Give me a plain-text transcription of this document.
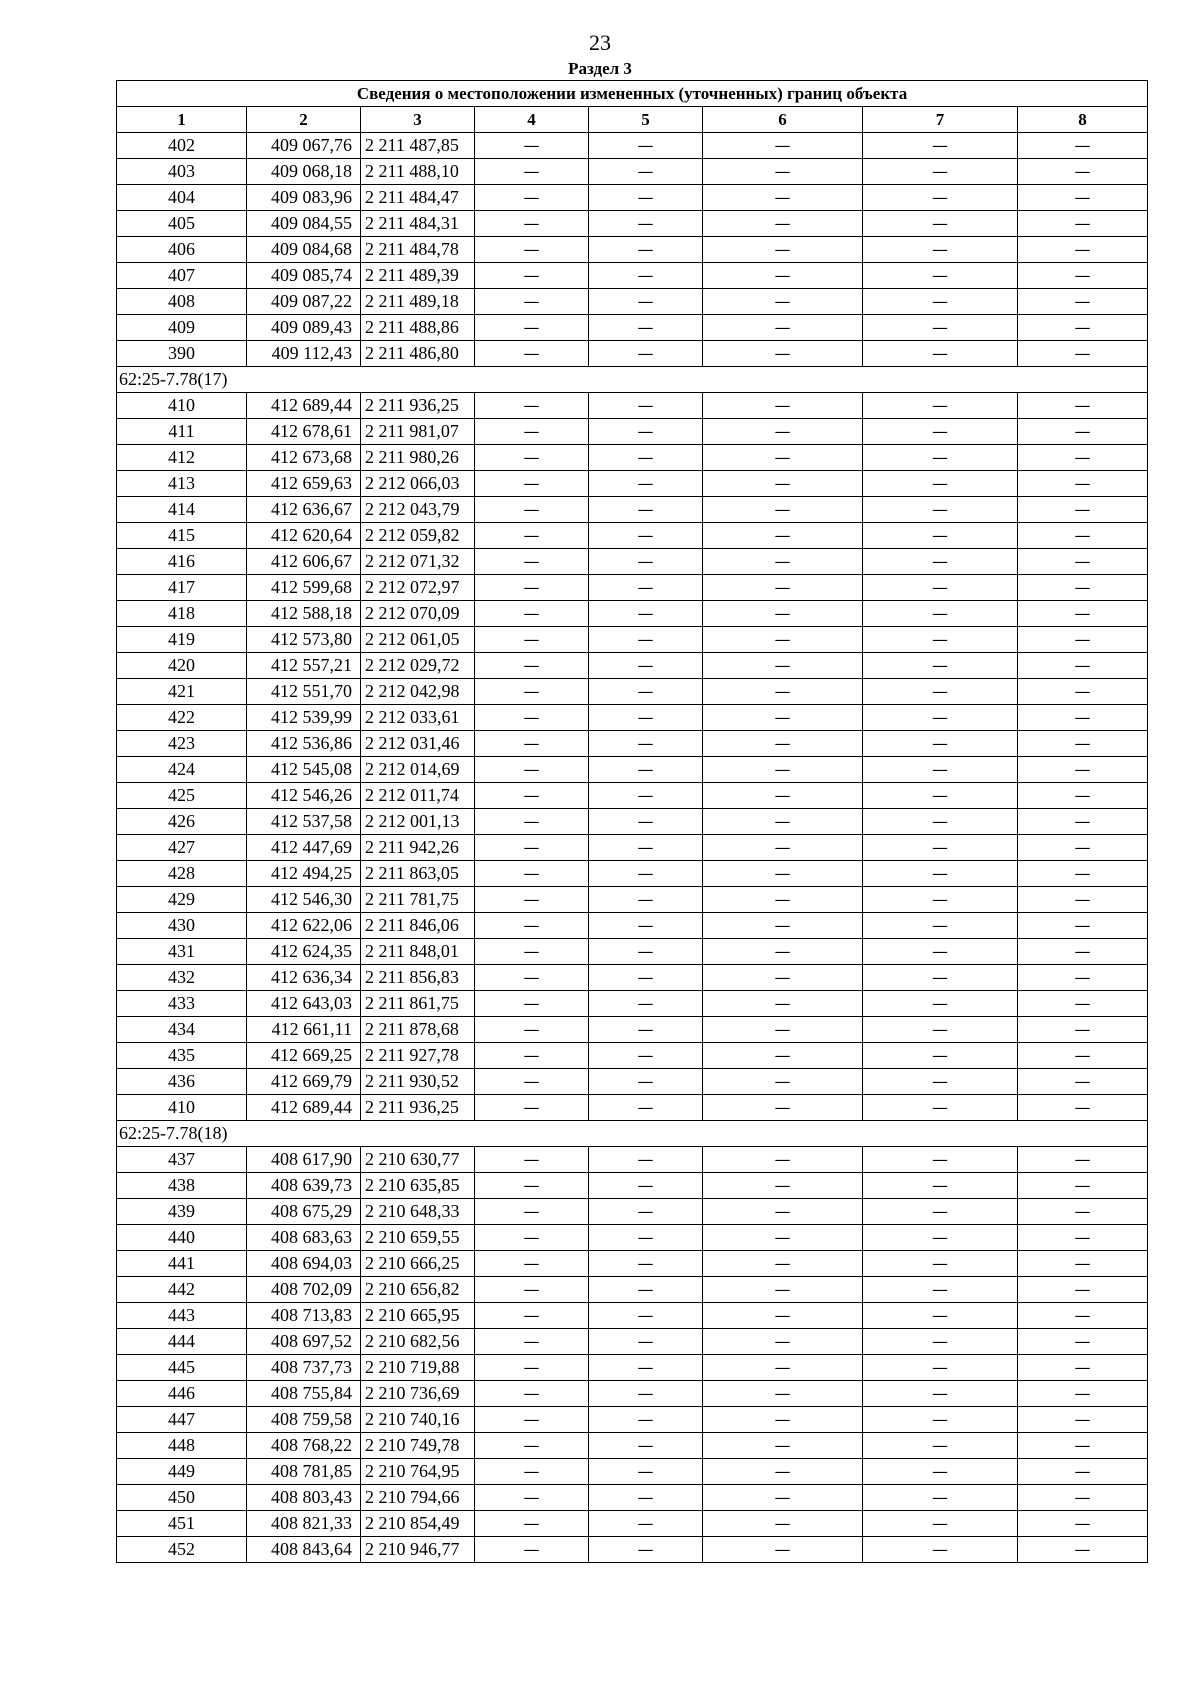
23
Раздел 3
Сведения о местоположении измененных (уточненных) границ объекта							
1	2	3	4	5	6	7	8
402	409 067,76	2 211 487,85	—	—	—	—	—
403	409 068,18	2 211 488,10	—	—	—	—	—
404	409 083,96	2 211 484,47	—	—	—	—	—
405	409 084,55	2 211 484,31	—	—	—	—	—
406	409 084,68	2 211 484,78	—	—	—	—	—
407	409 085,74	2 211 489,39	—	—	—	—	—
408	409 087,22	2 211 489,18	—	—	—	—	—
409	409 089,43	2 211 488,86	—	—	—	—	—
390	409 112,43	2 211 486,80	—	—	—	—	—
62:25-7.78(17)							
410	412 689,44	2 211 936,25	—	—	—	—	—
411	412 678,61	2 211 981,07	—	—	—	—	—
412	412 673,68	2 211 980,26	—	—	—	—	—
413	412 659,63	2 212 066,03	—	—	—	—	—
414	412 636,67	2 212 043,79	—	—	—	—	—
415	412 620,64	2 212 059,82	—	—	—	—	—
416	412 606,67	2 212 071,32	—	—	—	—	—
417	412 599,68	2 212 072,97	—	—	—	—	—
418	412 588,18	2 212 070,09	—	—	—	—	—
419	412 573,80	2 212 061,05	—	—	—	—	—
420	412 557,21	2 212 029,72	—	—	—	—	—
421	412 551,70	2 212 042,98	—	—	—	—	—
422	412 539,99	2 212 033,61	—	—	—	—	—
423	412 536,86	2 212 031,46	—	—	—	—	—
424	412 545,08	2 212 014,69	—	—	—	—	—
425	412 546,26	2 212 011,74	—	—	—	—	—
426	412 537,58	2 212 001,13	—	—	—	—	—
427	412 447,69	2 211 942,26	—	—	—	—	—
428	412 494,25	2 211 863,05	—	—	—	—	—
429	412 546,30	2 211 781,75	—	—	—	—	—
430	412 622,06	2 211 846,06	—	—	—	—	—
431	412 624,35	2 211 848,01	—	—	—	—	—
432	412 636,34	2 211 856,83	—	—	—	—	—
433	412 643,03	2 211 861,75	—	—	—	—	—
434	412 661,11	2 211 878,68	—	—	—	—	—
435	412 669,25	2 211 927,78	—	—	—	—	—
436	412 669,79	2 211 930,52	—	—	—	—	—
410	412 689,44	2 211 936,25	—	—	—	—	—
62:25-7.78(18)							
437	408 617,90	2 210 630,77	—	—	—	—	—
438	408 639,73	2 210 635,85	—	—	—	—	—
439	408 675,29	2 210 648,33	—	—	—	—	—
440	408 683,63	2 210 659,55	—	—	—	—	—
441	408 694,03	2 210 666,25	—	—	—	—	—
442	408 702,09	2 210 656,82	—	—	—	—	—
443	408 713,83	2 210 665,95	—	—	—	—	—
444	408 697,52	2 210 682,56	—	—	—	—	—
445	408 737,73	2 210 719,88	—	—	—	—	—
446	408 755,84	2 210 736,69	—	—	—	—	—
447	408 759,58	2 210 740,16	—	—	—	—	—
448	408 768,22	2 210 749,78	—	—	—	—	—
449	408 781,85	2 210 764,95	—	—	—	—	—
450	408 803,43	2 210 794,66	—	—	—	—	—
451	408 821,33	2 210 854,49	—	—	—	—	—
452	408 843,64	2 210 946,77	—	—	—	—	—
